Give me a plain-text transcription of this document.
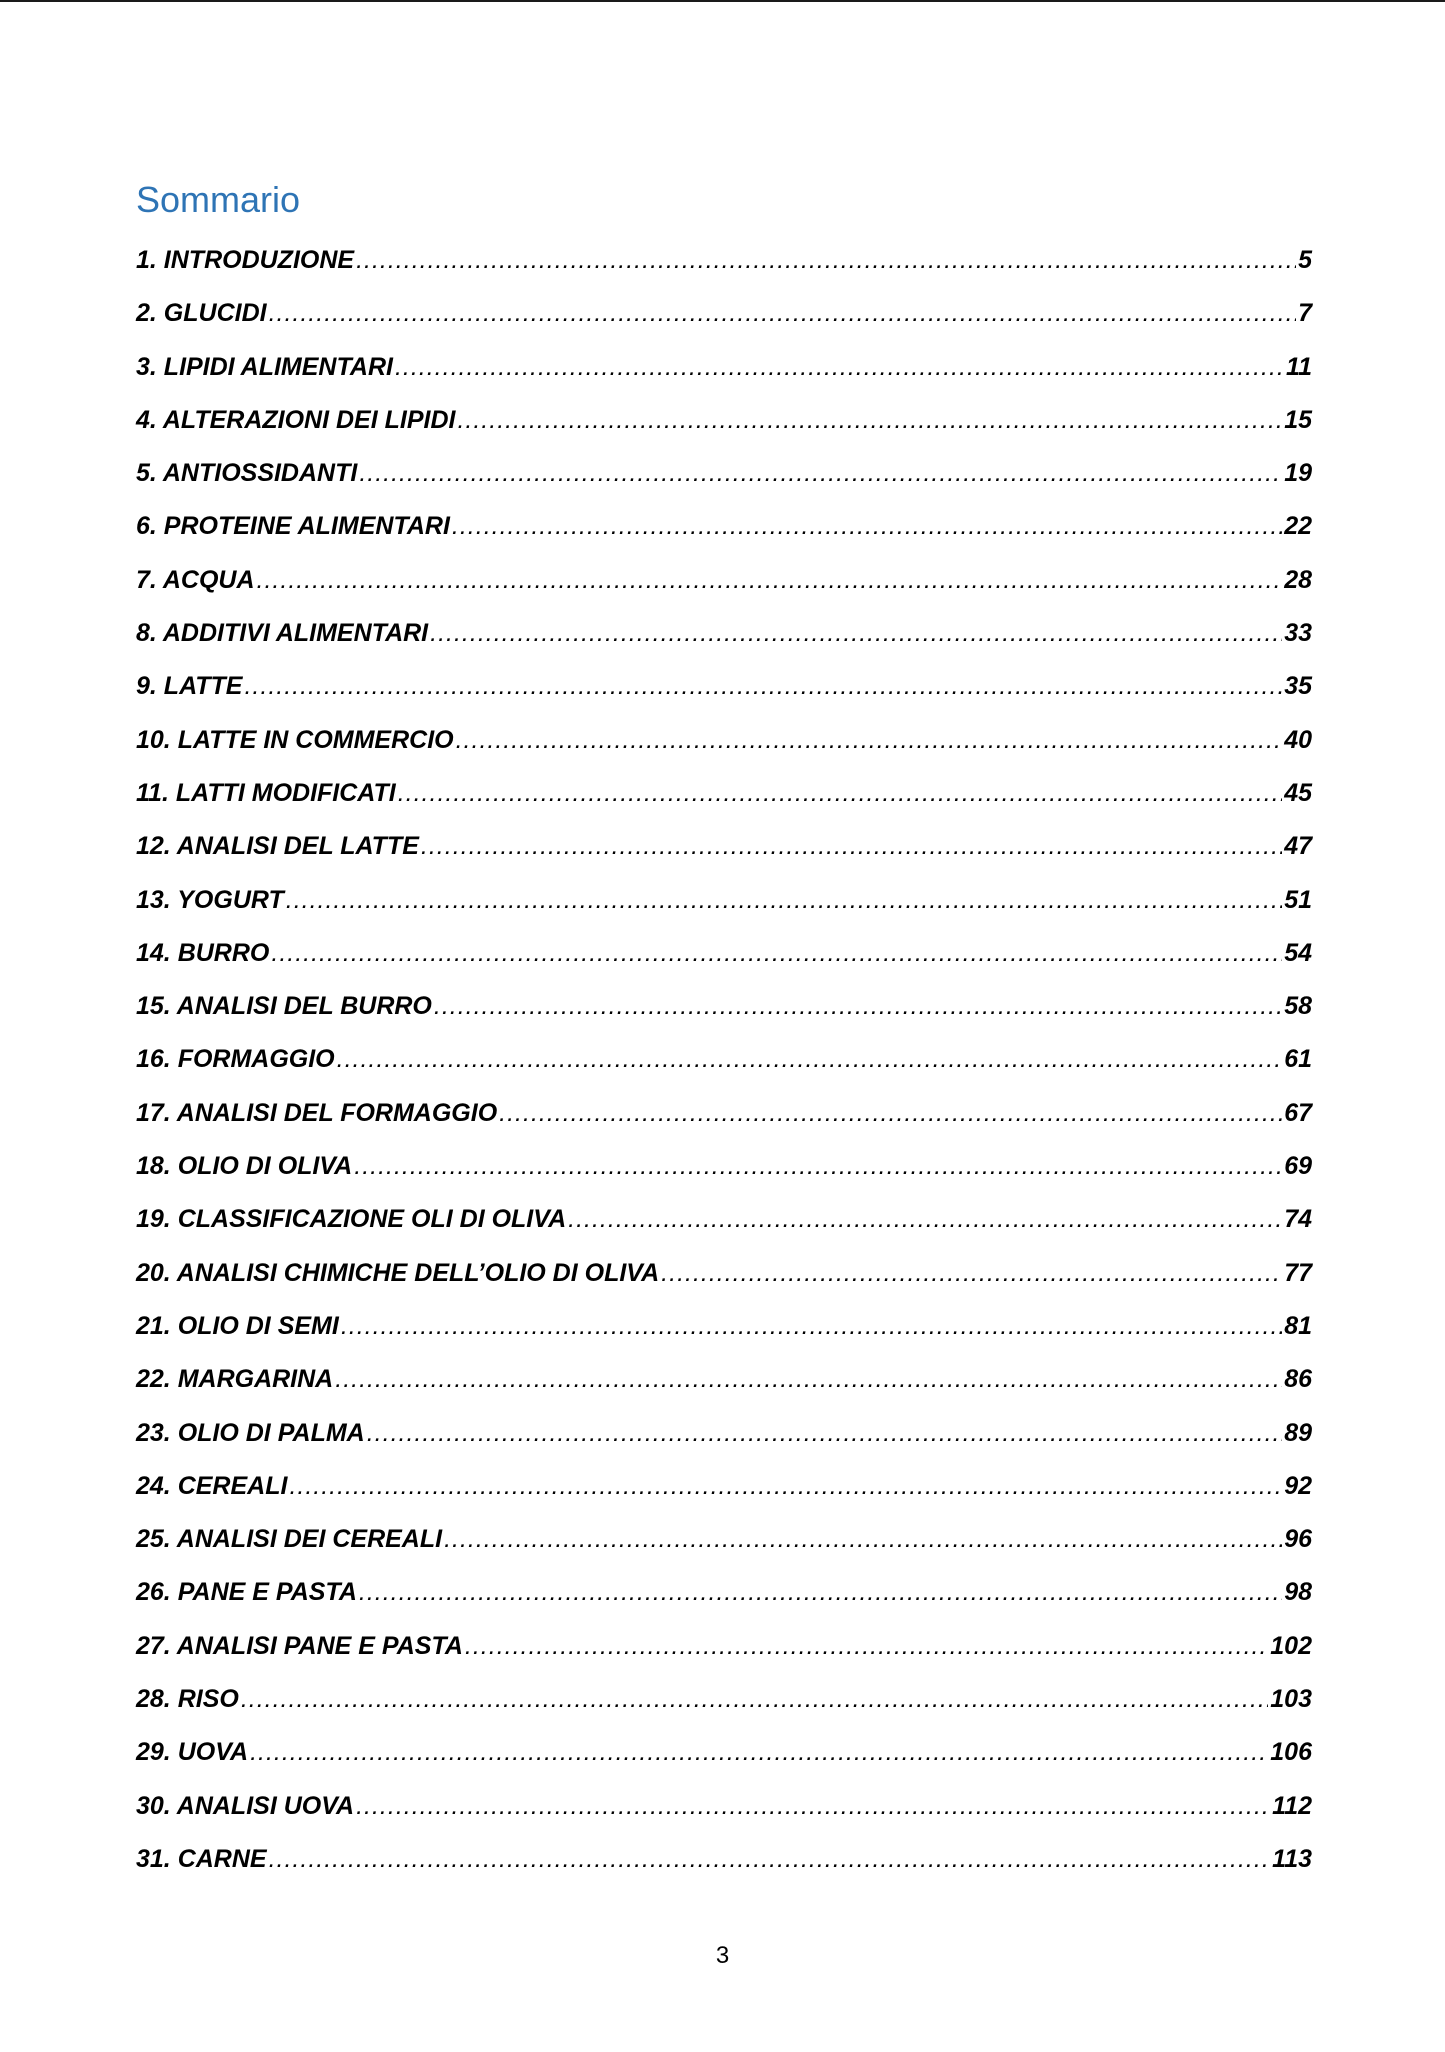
Sommario
1. INTRODUZIONE .....	5
2. GLUCIDI .....	7
3. LIPIDI ALIMENTARI .....	11
4. ALTERAZIONI DEI LIPIDI .....	15
5. ANTIOSSIDANTI .....	19
6. PROTEINE ALIMENTARI .....	22
7. ACQUA .....	28
8. ADDITIVI ALIMENTARI .....	33
9. LATTE .....	35
10. LATTE IN COMMERCIO .....	40
11. LATTI MODIFICATI .....	45
12. ANALISI DEL LATTE .....	47
13. YOGURT .....	51
14. BURRO .....	54
15. ANALISI DEL BURRO .....	58
16. FORMAGGIO .....	61
17. ANALISI DEL FORMAGGIO .....	67
18. OLIO DI OLIVA .....	69
19. CLASSIFICAZIONE OLI DI OLIVA .....	74
20. ANALISI CHIMICHE DELL’OLIO DI OLIVA .....	77
21. OLIO DI SEMI .....	81
22. MARGARINA .....	86
23. OLIO DI PALMA .....	89
24. CEREALI .....	92
25. ANALISI DEI CEREALI .....	96
26. PANE E PASTA .....	98
27. ANALISI PANE E PASTA .....	102
28. RISO .....	103
29. UOVA .....	106
30. ANALISI UOVA .....	112
31. CARNE .....	113
3
